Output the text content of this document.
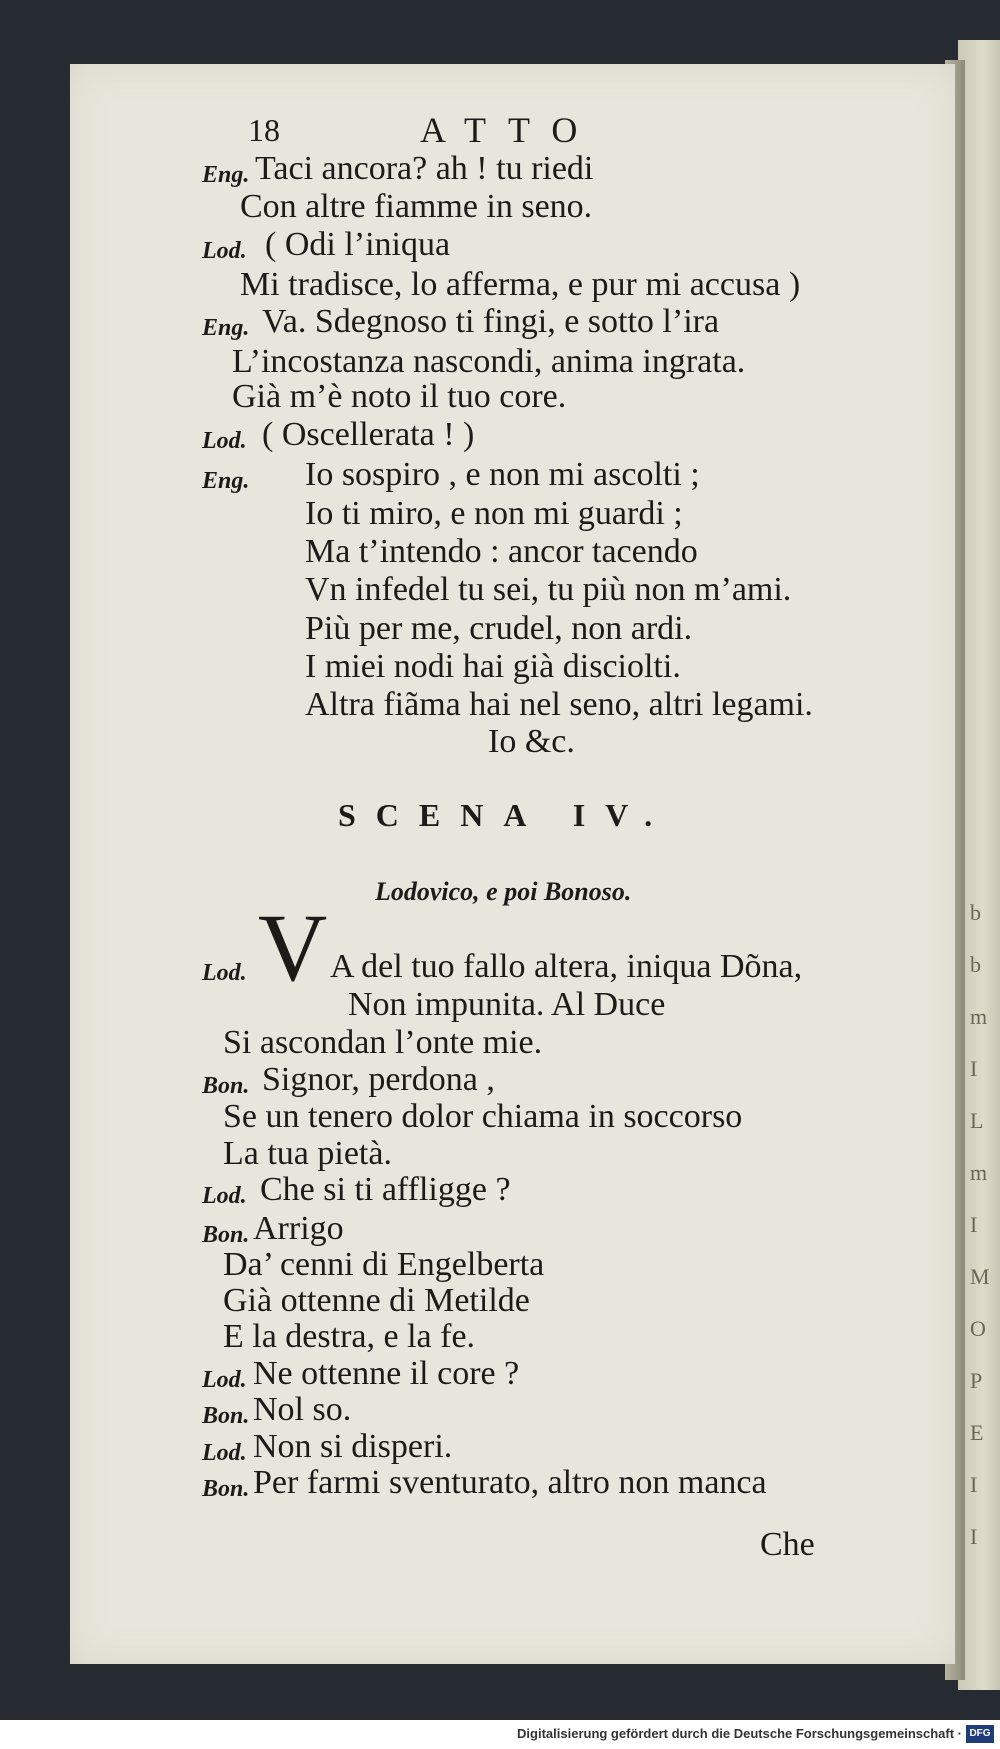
b
b
m
I
L
m
I
M
O
P
E
I
I
18	ATTO
Eng. Taci ancora? ah ! tu riedi
Con altre fiamme in seno.
Lod. ( Odi l’iniqua
Mi tradisce, lo afferma, e pur mi accusa )
Eng. Va. Sdegnoso ti fingi, e sotto l’ira
L’incostanza nascondi, anima ingrata.
Già m’è noto il tuo core.
Lod. ( Oscellerata ! )
Eng. Io sospiro , e non mi ascolti ;
Io ti miro, e non mi guardi ;
Ma t’intendo : ancor tacendo
Vn infedel tu sei, tu più non m’ami.
Più per me, crudel, non ardi.
I miei nodi hai già disciolti.
Altra fiãma hai nel seno, altri legami.
Io &c.
SCENA IV.
Lodovico, e poi Bonoso.
V
Lod. A del tuo fallo altera, iniqua Dõna,
Non impunita. Al Duce
Si ascondan l’onte mie.
Bon. Signor, perdona ,
Se un tenero dolor chiama in soccorso
La tua pietà.
Lod. Che si ti affligge ?
Bon. Arrigo
Da’ cenni di Engelberta
Già ottenne di Metilde
E la destra, e la fe.
Lod. Ne ottenne il core ?
Bon. Nol so.
Lod. Non si disperi.
Bon. Per farmi sventurato, altro non manca
Che
Digitalisierung gefördert durch die Deutsche Forschungsgemeinschaft · DFG
